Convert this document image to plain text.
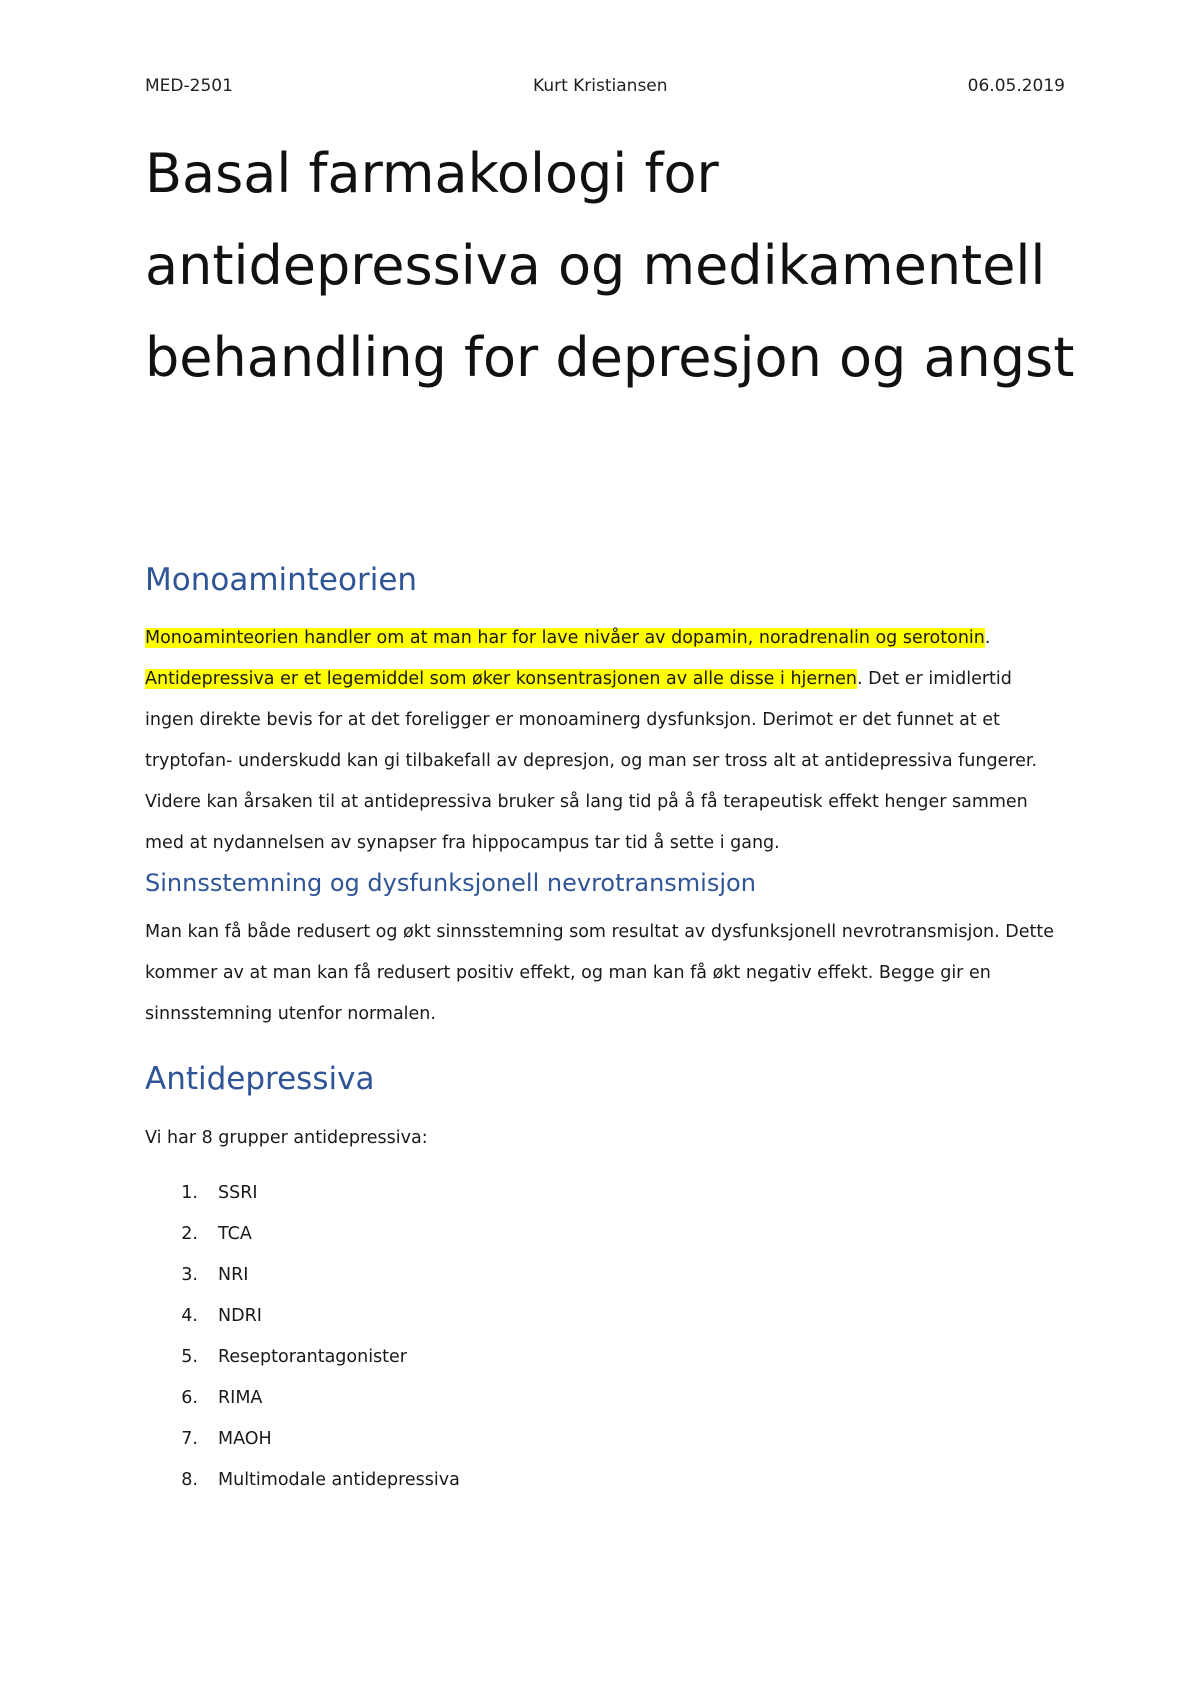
MED-2501	Kurt Kristiansen	06.05.2019
Basal farmakologi for antidepressiva og medikamentell behandling for depresjon og angst
Monoaminteorien

Monoaminteorien handler om at man har for lave nivåer av dopamin, noradrenalin og serotonin. Antidepressiva er et legemiddel som øker konsentrasjonen av alle disse i hjernen. Det er imidlertid ingen direkte bevis for at det foreligger er monoaminerg dysfunksjon. Derimot er det funnet at et tryptofan- underskudd kan gi tilbakefall av depresjon, og man ser tross alt at antidepressiva fungerer. Videre kan årsaken til at antidepressiva bruker så lang tid på å få terapeutisk effekt henger sammen med at nydannelsen av synapser fra hippocampus tar tid å sette i gang.

Sinnsstemning og dysfunksjonell nevrotransmisjon

Man kan få både redusert og økt sinnsstemning som resultat av dysfunksjonell nevrotransmisjon. Dette kommer av at man kan få redusert positiv effekt, og man kan få økt negativ effekt. Begge gir en sinnsstemning utenfor normalen.

Antidepressiva

Vi har 8 grupper antidepressiva:

1.	SSRI
2.	TCA
3.	NRI
4.	NDRI
5.	Reseptorantagonister
6.	RIMA
7.	MAOH
8.	Multimodale antidepressiva
